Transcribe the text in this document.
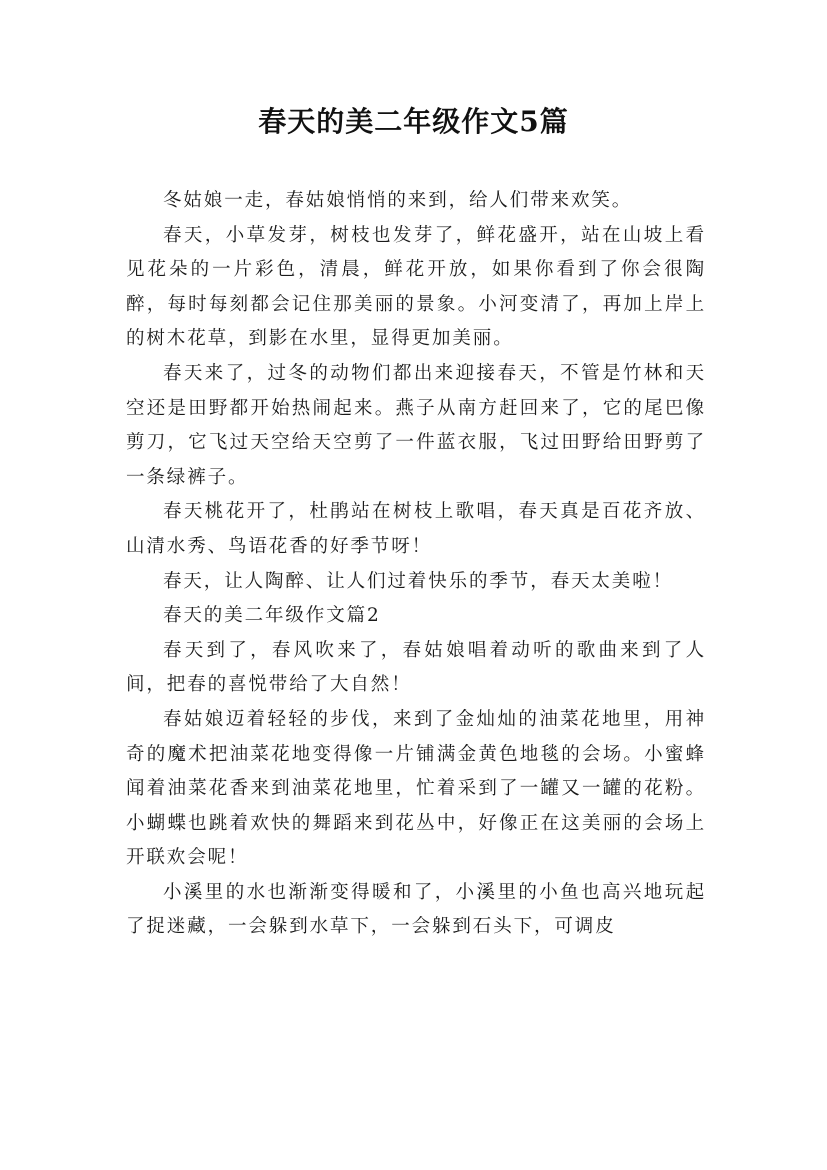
春天的美二年级作文5篇

冬姑娘一走，春姑娘悄悄的来到，给人们带来欢笑。

春天，小草发芽，树枝也发芽了，鲜花盛开，站在山坡上看见花朵的一片彩色，清晨，鲜花开放，如果你看到了你会很陶醉，每时每刻都会记住那美丽的景象。小河变清了，再加上岸上的树木花草，到影在水里，显得更加美丽。

春天来了，过冬的动物们都出来迎接春天，不管是竹林和天空还是田野都开始热闹起来。燕子从南方赶回来了，它的尾巴像剪刀，它飞过天空给天空剪了一件蓝衣服，飞过田野给田野剪了一条绿裤子。

春天桃花开了，杜鹃站在树枝上歌唱，春天真是百花齐放、山清水秀、鸟语花香的好季节呀！

春天，让人陶醉、让人们过着快乐的季节，春天太美啦！

春天的美二年级作文篇2

春天到了，春风吹来了，春姑娘唱着动听的歌曲来到了人间，把春的喜悦带给了大自然！

春姑娘迈着轻轻的步伐，来到了金灿灿的油菜花地里，用神奇的魔术把油菜花地变得像一片铺满金黄色地毯的会场。小蜜蜂闻着油菜花香来到油菜花地里，忙着采到了一罐又一罐的花粉。小蝴蝶也跳着欢快的舞蹈来到花丛中，好像正在这美丽的会场上开联欢会呢！

小溪里的水也渐渐变得暖和了，小溪里的小鱼也高兴地玩起了捉迷藏，一会躲到水草下，一会躲到石头下，可调皮
